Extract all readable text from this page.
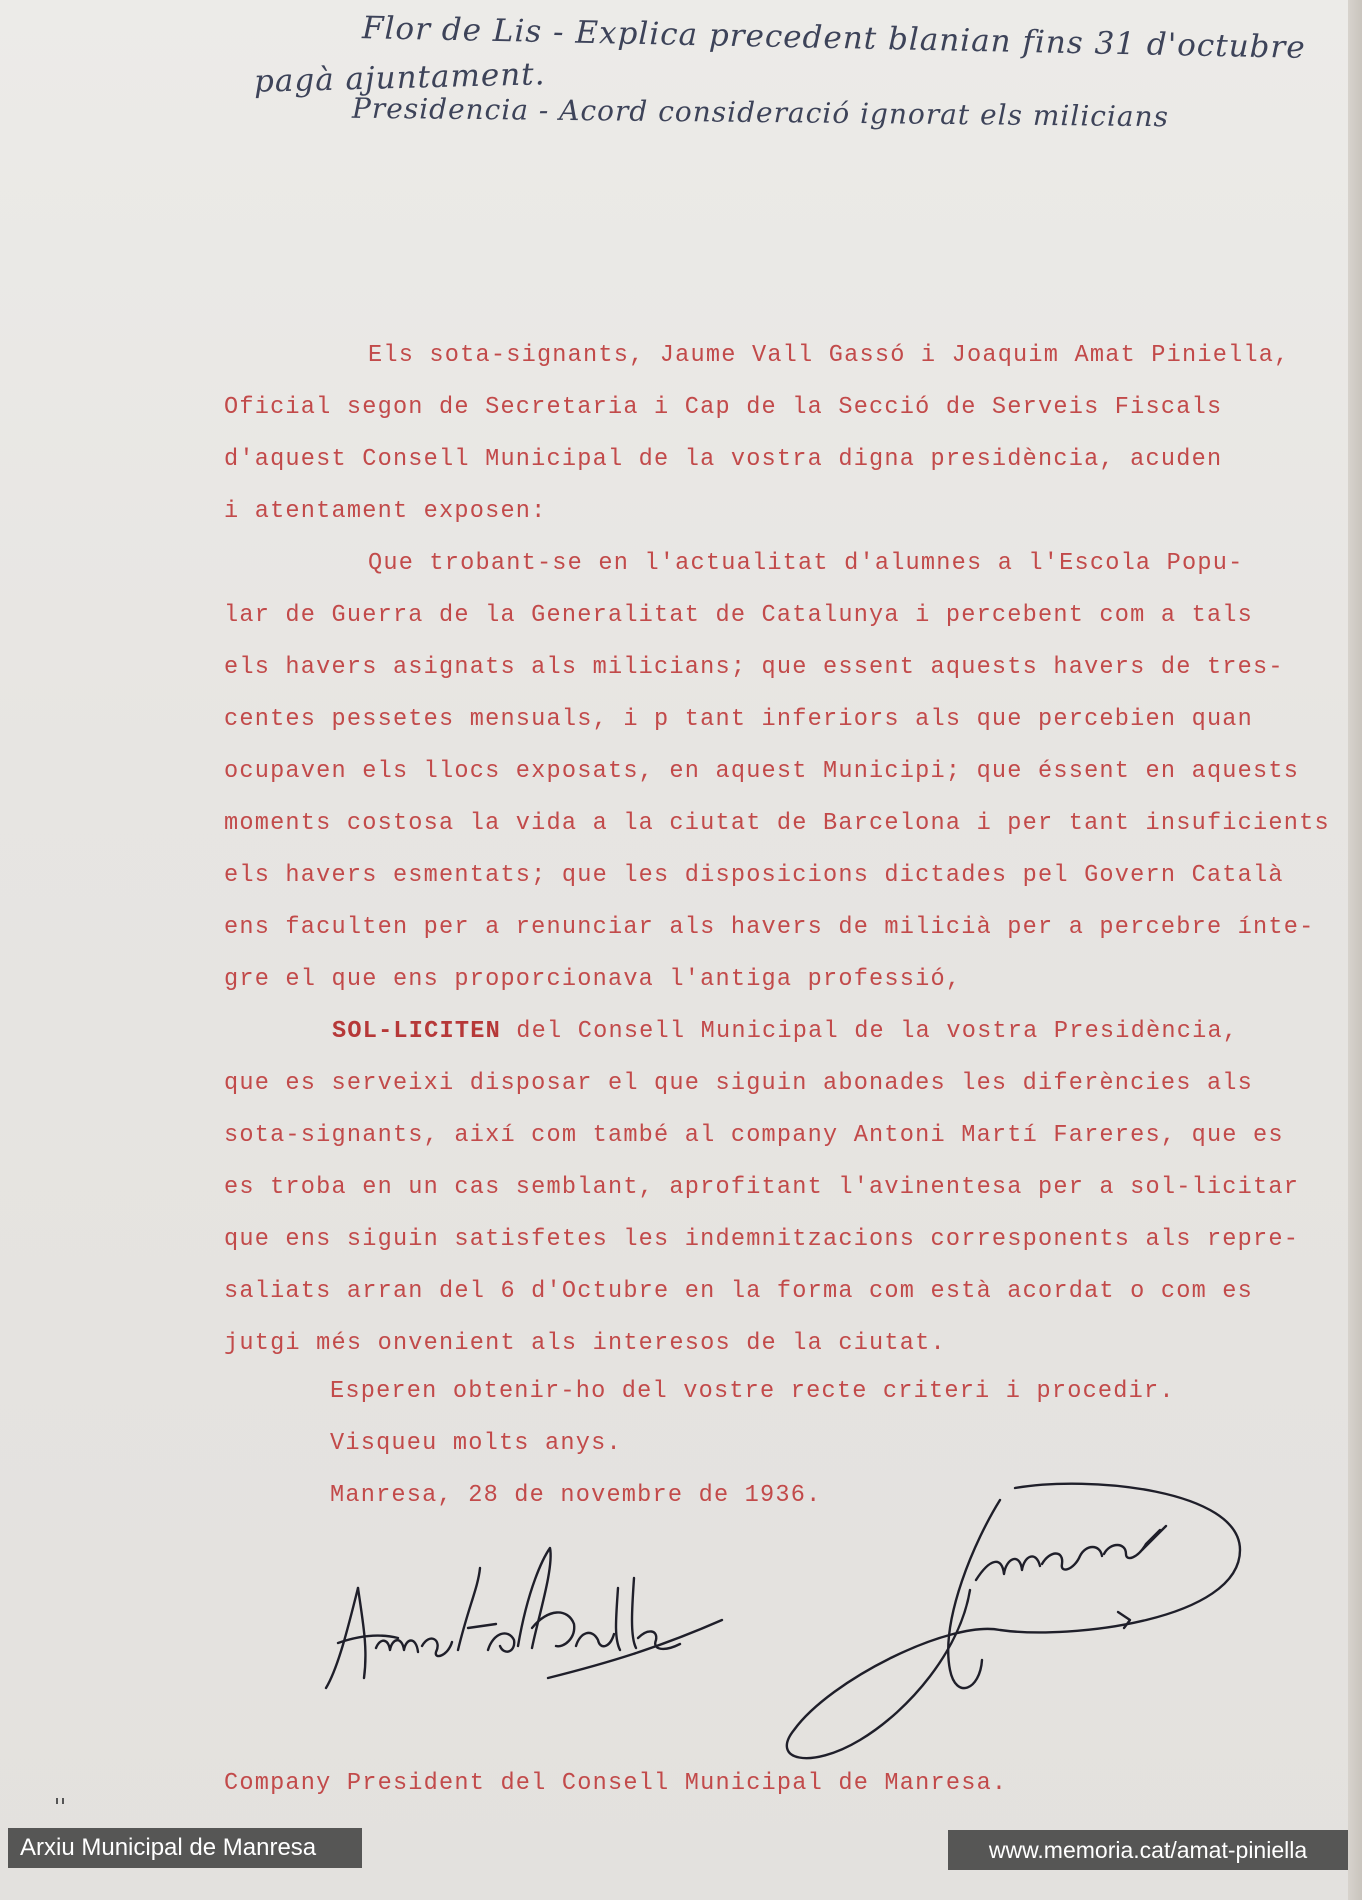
Flor de Lis - Explica precedent blanian fins 31 d'octubre
pagà ajuntament.
Presidencia - Acord consideració ignorat els milicians
Els sota-signants, Jaume Vall Gassó i Joaquim Amat Piniella,
Oficial segon de Secretaria i Cap de la Secció de Serveis Fiscals
d'aquest Consell Municipal de la vostra digna presidència, acuden
i atentament exposen:
Que trobant-se en l'actualitat d'alumnes a l'Escola Popu-
lar de Guerra de la Generalitat de Catalunya i percebent com a tals
els havers asignats als milicians; que essent aquests havers de tres-
centes pessetes mensuals, i p tant inferiors als que percebien quan
ocupaven els llocs exposats, en aquest Municipi; que éssent en aquests
moments costosa la vida a la ciutat de Barcelona i per tant insuficients
els havers esmentats; que les disposicions dictades pel Govern Català
ens faculten per a renunciar als havers de milicià per a percebre ínte-
gre el que ens proporcionava l'antiga professió,
SOL-LICITEN del Consell Municipal de la vostra Presidència,
que es serveixi disposar el que siguin abonades les diferències als
sota-signants, així com també al company Antoni Martí Fareres, que es
es troba en un cas semblant, aprofitant l'avinentesa per a sol-licitar
que ens siguin satisfetes les indemnitzacions corresponents als repre-
saliats arran del 6 d'Octubre en la forma com està acordat o com es
jutgi més onvenient als interesos de la ciutat.
Esperen obtenir-ho del vostre recte criteri i procedir.
Visqueu molts anys.
Manresa, 28 de novembre de 1936.
Company President del Consell Municipal de Manresa.
Arxiu Municipal de Manresa	www.memoria.cat/amat-piniella
